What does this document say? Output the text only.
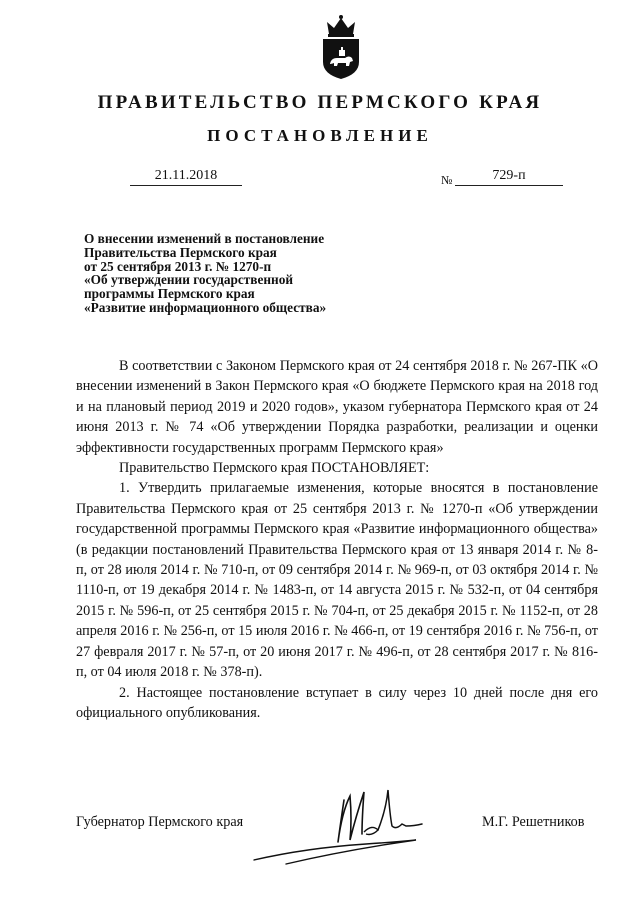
ПРАВИТЕЛЬСТВО ПЕРМСКОГО КРАЯ
ПОСТАНОВЛЕНИЕ
21.11.2018	№	729-п
О внесении изменений в постановление
Правительства Пермского края
от 25 сентября 2013 г. № 1270-п
«Об утверждении государственной
программы Пермского края
«Развитие информационного общества»

В соответствии с Законом Пермского края от 24 сентября 2018 г. № 267-ПК «О внесении изменений в Закон Пермского края «О бюджете Пермского края на 2018 год и на плановый период 2019 и 2020 годов», указом губернатора Пермского края от 24 июня 2013 г. № 74 «Об утверждении Порядка разработки, реализации и оценки эффективности государственных программ Пермского края»

Правительство Пермского края ПОСТАНОВЛЯЕТ:

1. Утвердить прилагаемые изменения, которые вносятся в постановление Правительства Пермского края от 25 сентября 2013 г. № 1270-п «Об утверждении государственной программы Пермского края «Развитие информационного общества» (в редакции постановлений Правительства Пермского края от 13 января 2014 г. № 8-п, от 28 июля 2014 г. № 710-п, от 09 сентября 2014 г. № 969-п, от 03 октября 2014 г. № 1110-п, от 19 декабря 2014 г. № 1483-п, от 14 августа 2015 г. № 532-п, от 04 сентября 2015 г. № 596-п, от 25 сентября 2015 г. № 704-п, от 25 декабря 2015 г. № 1152-п, от 28 апреля 2016 г. № 256-п, от 15 июля 2016 г. № 466-п, от 19 сентября 2016 г. № 756-п, от 27 февраля 2017 г. № 57-п, от 20 июня 2017 г. № 496-п, от 28 сентября 2017 г. № 816-п, от 04 июля 2018 г. № 378-п).

2. Настоящее постановление вступает в силу через 10 дней после дня его официального опубликования.

Губернатор Пермского края	М.Г. Решетников
